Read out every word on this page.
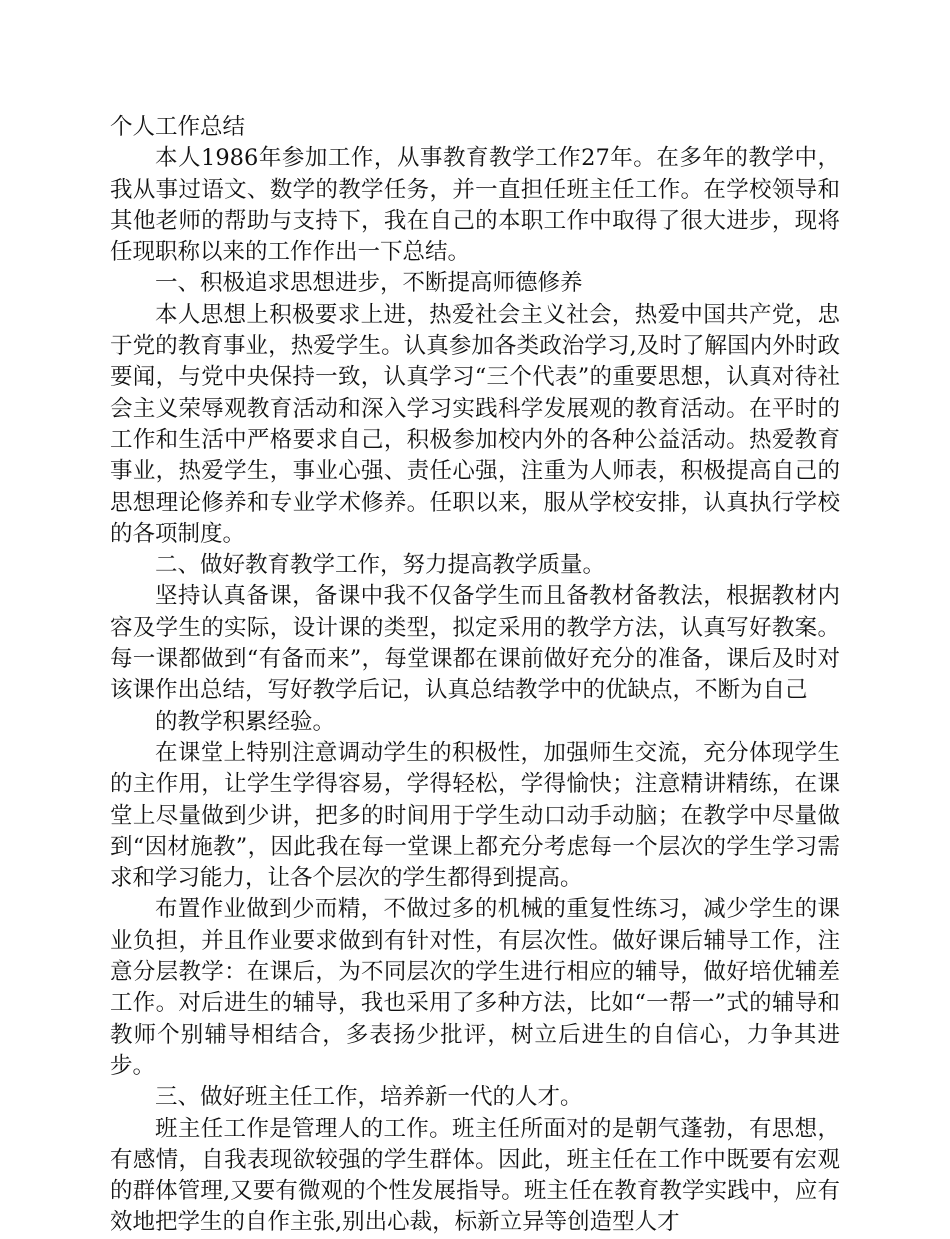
个人工作总结

本人1986年参加工作，从事教育教学工作27年。在多年的教学中，我从事过语文、数学的教学任务，并一直担任班主任工作。在学校领导和其他老师的帮助与支持下，我在自己的本职工作中取得了很大进步，现将任现职称以来的工作作出一下总结。

一、积极追求思想进步，不断提高师德修养

本人思想上积极要求上进，热爱社会主义社会，热爱中国共产党，忠于党的教育事业，热爱学生。认真参加各类政治学习,及时了解国内外时政要闻，与党中央保持一致，认真学习“三个代表”的重要思想，认真对待社会主义荣辱观教育活动和深入学习实践科学发展观的教育活动。在平时的工作和生活中严格要求自己，积极参加校内外的各种公益活动。热爱教育事业，热爱学生，事业心强、责任心强，注重为人师表，积极提高自己的思想理论修养和专业学术修养。任职以来，服从学校安排，认真执行学校的各项制度。

二、做好教育教学工作，努力提高教学质量。

坚持认真备课，备课中我不仅备学生而且备教材备教法，根据教材内容及学生的实际，设计课的类型，拟定采用的教学方法，认真写好教案。每一课都做到“有备而来”，每堂课都在课前做好充分的准备，课后及时对该课作出总结，写好教学后记，认真总结教学中的优缺点，不断为自己

的教学积累经验。

在课堂上特别注意调动学生的积极性，加强师生交流，充分体现学生的主作用，让学生学得容易，学得轻松，学得愉快；注意精讲精练，在课堂上尽量做到少讲，把多的时间用于学生动口动手动脑；在教学中尽量做到“因材施教”，因此我在每一堂课上都充分考虑每一个层次的学生学习需求和学习能力，让各个层次的学生都得到提高。

布置作业做到少而精，不做过多的机械的重复性练习，减少学生的课业负担，并且作业要求做到有针对性，有层次性。做好课后辅导工作，注意分层教学：在课后，为不同层次的学生进行相应的辅导，做好培优辅差工作。对后进生的辅导，我也采用了多种方法，比如“一帮一”式的辅导和教师个别辅导相结合，多表扬少批评，树立后进生的自信心，力争其进步。

三、做好班主任工作，培养新一代的人才。

班主任工作是管理人的工作。班主任所面对的是朝气蓬勃，有思想，有感情，自我表现欲较强的学生群体。因此，班主任在工作中既要有宏观的群体管理,又要有微观的个性发展指导。班主任在教育教学实践中，应有效地把学生的自作主张,别出心裁，标新立异等创造型人才
